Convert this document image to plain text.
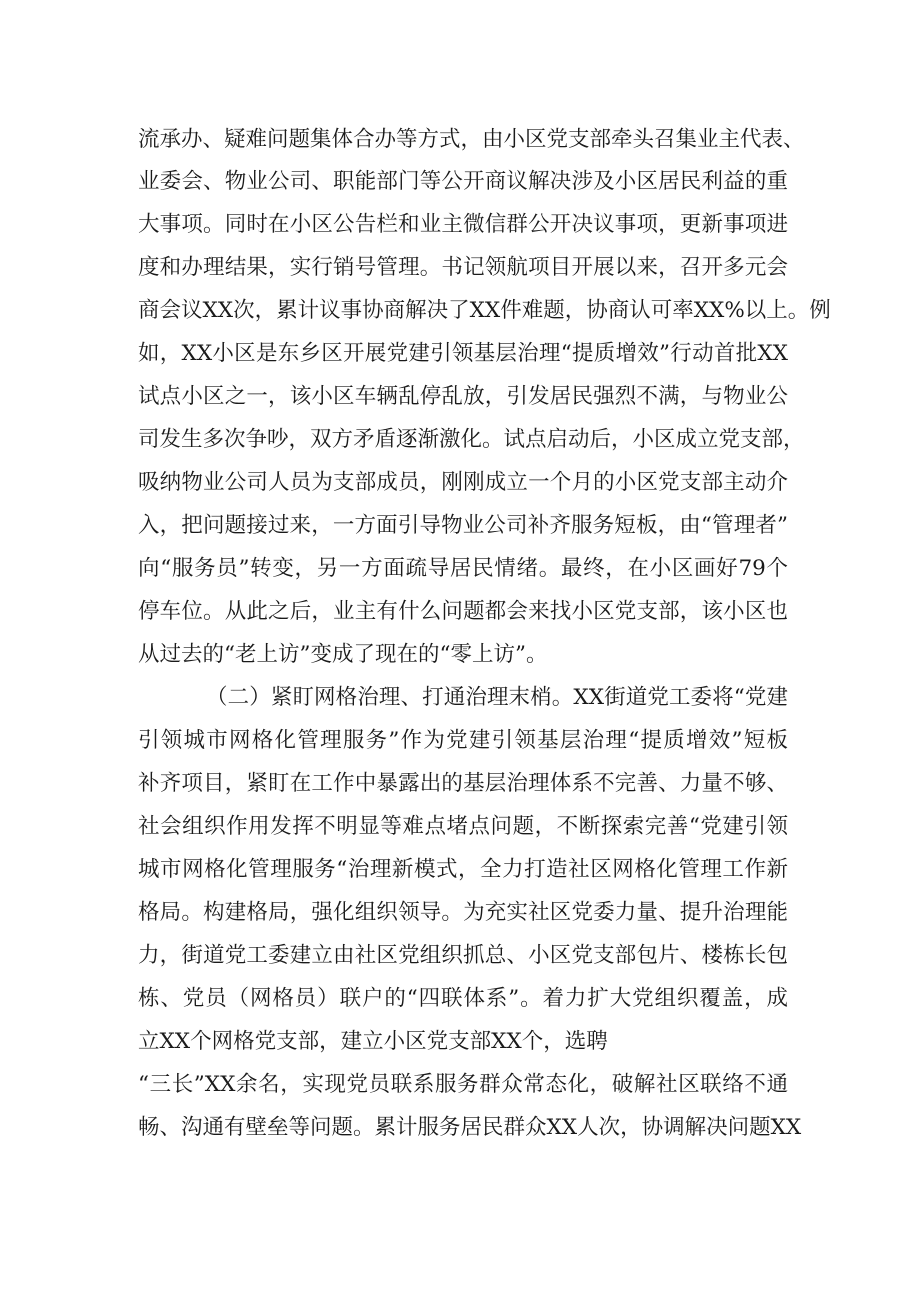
流承办、疑难问题集体合办等方式，由小区党支部牵头召集业主代表、
业委会、物业公司、职能部门等公开商议解决涉及小区居民利益的重
大事项。同时在小区公告栏和业主微信群公开决议事项，更新事项进
度和办理结果，实行销号管理。书记领航项目开展以来，召开多元会
商会议XX次，累计议事协商解决了XX件难题，协商认可率XX%以上。例
如，XX小区是东乡区开展党建引领基层治理“提质增效”行动首批XX
试点小区之一，该小区车辆乱停乱放，引发居民强烈不满，与物业公
司发生多次争吵，双方矛盾逐渐激化。试点启动后，小区成立党支部，
吸纳物业公司人员为支部成员，刚刚成立一个月的小区党支部主动介
入，把问题接过来，一方面引导物业公司补齐服务短板，由“管理者”
向“服务员”转变，另一方面疏导居民情绪。最终，在小区画好79个
停车位。从此之后，业主有什么问题都会来找小区党支部，该小区也
从过去的“老上访”变成了现在的“零上访”。
（二）紧盯网格治理、打通治理末梢。XX街道党工委将“党建
引领城市网格化管理服务”作为党建引领基层治理“提质增效”短板
补齐项目，紧盯在工作中暴露出的基层治理体系不完善、力量不够、
社会组织作用发挥不明显等难点堵点问题，不断探索完善“党建引领
城市网格化管理服务“治理新模式，全力打造社区网格化管理工作新
格局。构建格局，强化组织领导。为充实社区党委力量、提升治理能
力，街道党工委建立由社区党组织抓总、小区党支部包片、楼栋长包
栋、党员（网格员）联户的“四联体系”。着力扩大党组织覆盖，成
立XX个网格党支部，建立小区党支部XX个，选聘
“三长”XX余名，实现党员联系服务群众常态化，破解社区联络不通
畅、沟通有壁垒等问题。累计服务居民群众XX人次，协调解决问题XX
